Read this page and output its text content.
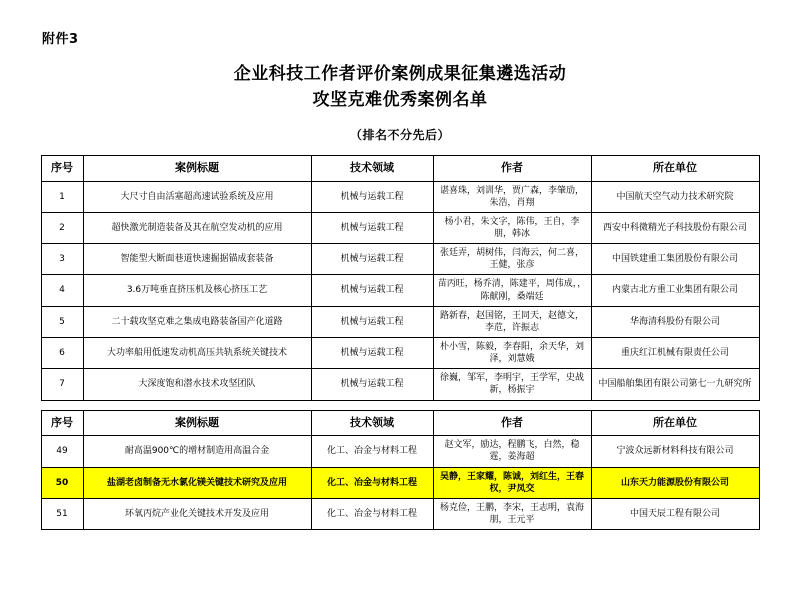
附件3
企业科技工作者评价案例成果征集遴选活动
攻坚克难优秀案例名单
（排名不分先后）
序号	案例标题	技术领域	作者	所在单位
1	大尺寸自由活塞超高速试验系统及应用	机械与运载工程	谌喜珠，刘训华，贾广森，李肇劢，朱浩，肖翔	中国航天空气动力技术研究院
2	超快激光制造装备及其在航空发动机的应用	机械与运载工程	杨小君，朱文字，陈伟，王自，李朋，韩冰	西安中科微精光子科技股份有限公司
3	智能型大断面巷道快速掘据锚成套装备	机械与运载工程	张廷弄，胡树伟，闫海云，何二喜，王健，张彦	中国铁建重工集团股份有限公司
4	3.6万吨垂直挤压机及核心挤压工艺	机械与运载工程	苗丙旺，杨乔清，陈建平，周伟成，，陈献刚，桑端廷	内蒙古北方重工业集团有限公司
5	二十载攻坚克难之集成电路装备国产化道路	机械与运载工程	路新春，赵国铭，王同天，赵德文，李苊，许振志	华海清科股份有限公司
6	大功率船用低速发动机高压共轨系统关键技术	机械与运载工程	朴小雪，陈毅，李春阳，余天华，刘泽，刘慧娥	重庆红江机械有限责任公司
7	大深度饱和潜水技术攻坚团队	机械与运载工程	徐巍，邹军，李明宇，王学军，史战新，杨振宇	中国船舶集团有限公司第七一九研究所
序号	案例标题	技术领域	作者	所在单位
49	耐高温900℃的增材制造用高温合金	化工、冶金与材料工程	赵文军，励达，程鹏飞，白然，稳霆，姜海超	宁波众远新材料科技有限公司
50	盐湖老卤制备无水氯化镁关键技术研究及应用	化工、冶金与材料工程	吴静，王家耀，陈诚，刘红生，王春权，尹凤交	山东天力能源股份有限公司
51	环氧丙烷产业化关键技术开发及应用	化工、冶金与材料工程	杨克俭，王鹏，李宋，王志明，袁海朋，王元平	中国天辰工程有限公司
